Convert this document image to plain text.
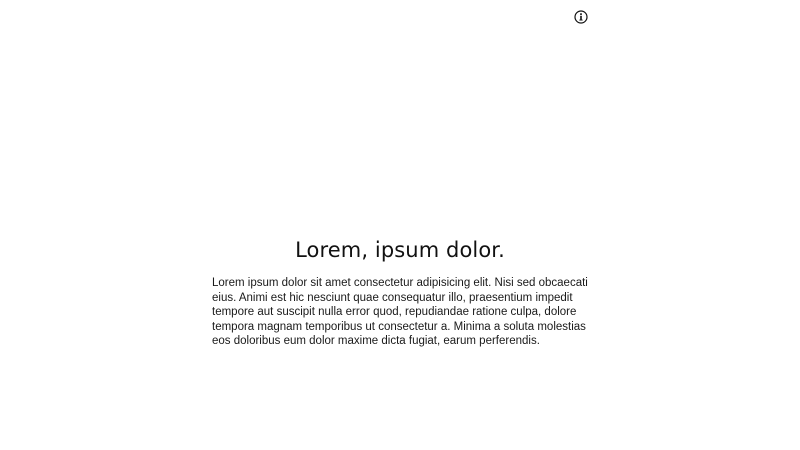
Lorem, ipsum dolor.

Lorem ipsum dolor sit amet consectetur adipisicing elit. Nisi sed obcaecati eius. Animi est hic nesciunt quae consequatur illo, praesentium impedit tempore aut suscipit nulla error quod, repudiandae ratione culpa, dolore tempora magnam temporibus ut consectetur a. Minima a soluta molestias eos doloribus eum dolor maxime dicta fugiat, earum perferendis.
